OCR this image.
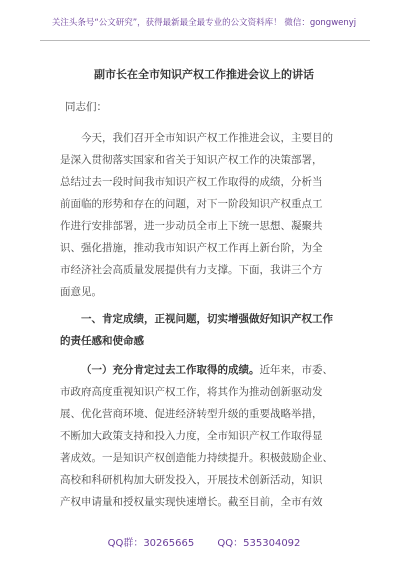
关注头条号“公文研究”，获得最新最全最专业的公文资料库！ 微信：gongwenyj
副市长在全市知识产权工作推进会议上的讲话
同志们：
今天，我们召开全市知识产权工作推进会议，主要目的
是深入贯彻落实国家和省关于知识产权工作的决策部署，
总结过去一段时间我市知识产权工作取得的成绩，分析当
前面临的形势和存在的问题，对下一阶段知识产权重点工
作进行安排部署，进一步动员全市上下统一思想、凝聚共
识、强化措施，推动我市知识产权工作再上新台阶，为全
市经济社会高质量发展提供有力支撑。下面，我讲三个方
面意见。
一、肯定成绩，正视问题，切实增强做好知识产权工作
的责任感和使命感
（一）充分肯定过去工作取得的成绩。近年来，市委、
市政府高度重视知识产权工作，将其作为推动创新驱动发
展、优化营商环境、促进经济转型升级的重要战略举措，
不断加大政策支持和投入力度，全市知识产权工作取得显
著成效。一是知识产权创造能力持续提升。积极鼓励企业、
高校和科研机构加大研发投入，开展技术创新活动，知识
产权申请量和授权量实现快速增长。截至目前，全市有效
QQ群：30265665 QQ：535304092
